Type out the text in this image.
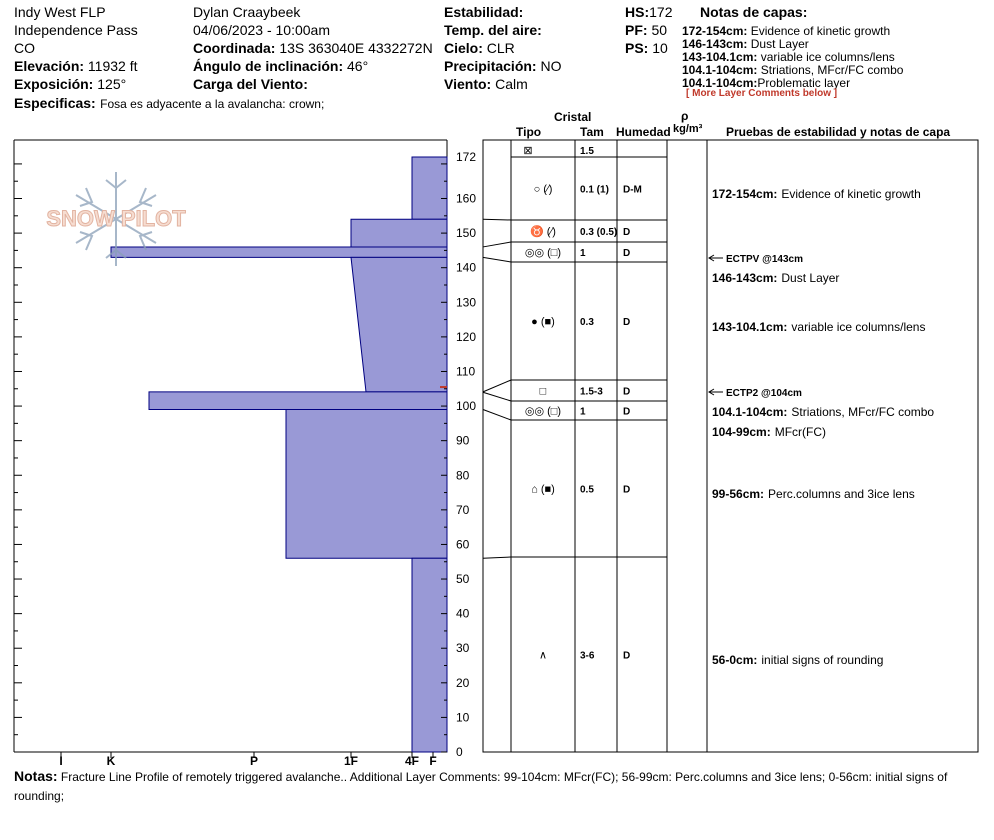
Indy West FLP
Independence Pass
CO
Elevación: 11932 ft
Exposición: 125°
Especificas: Fosa es adyacente a la avalancha: crown;
Dylan Craaybeek
04/06/2023 - 10:00am
Coordinada: 13S 363040E 4332272N
Ángulo de inclinación: 46°
Carga del Viento:
Estabilidad:
Temp. del aire:
Cielo: CLR
Precipitación: NO
Viento: Calm
HS:172
PF: 50
PS: 10
Notas de capas:
172-154cm: Evidence of kinetic growth
146-143cm: Dust Layer
143-104.1cm: variable ice columns/lens
104.1-104cm: Striations, MFcr/FC combo
104.1-104cm:Problematic layer
[ More Layer Comments below ]
Cristal
Tipo	Tam Humedad
ρ
kg/m³ Pruebas de estabilidad y notas de capa
I	K	P	1F	4F F
0
10
20
30
40
50
60
70
80
90
100
110
120
130
140
150
160
172
SNOW PILOT
⊠	1.5
○ (⁄)	0.1 (1) D-M
♉ (⁄) 0.3 (0.5) D
◎◎ (□) 1	D
● (■)	0.3	D
□	1.5-3 D
◎◎ (□) 1	D
⌂ (■)	0.5	D
∧	3-6	D
172-154cm: Evidence of kinetic growth
146-143cm: Dust Layer
143-104.1cm: variable ice columns/lens
104.1-104cm: Striations, MFcr/FC combo
104-99cm: MFcr(FC)
99-56cm: Perc.columns and 3ice lens
56-0cm: initial signs of rounding
ECTPV @143cm
ECTP2 @104cm
Notas: Fracture Line Profile of remotely triggered avalanche.. Additional Layer Comments: 99-104cm: MFcr(FC); 56-99cm: Perc.columns and 3ice lens; 0-56cm: initial signs of rounding;
